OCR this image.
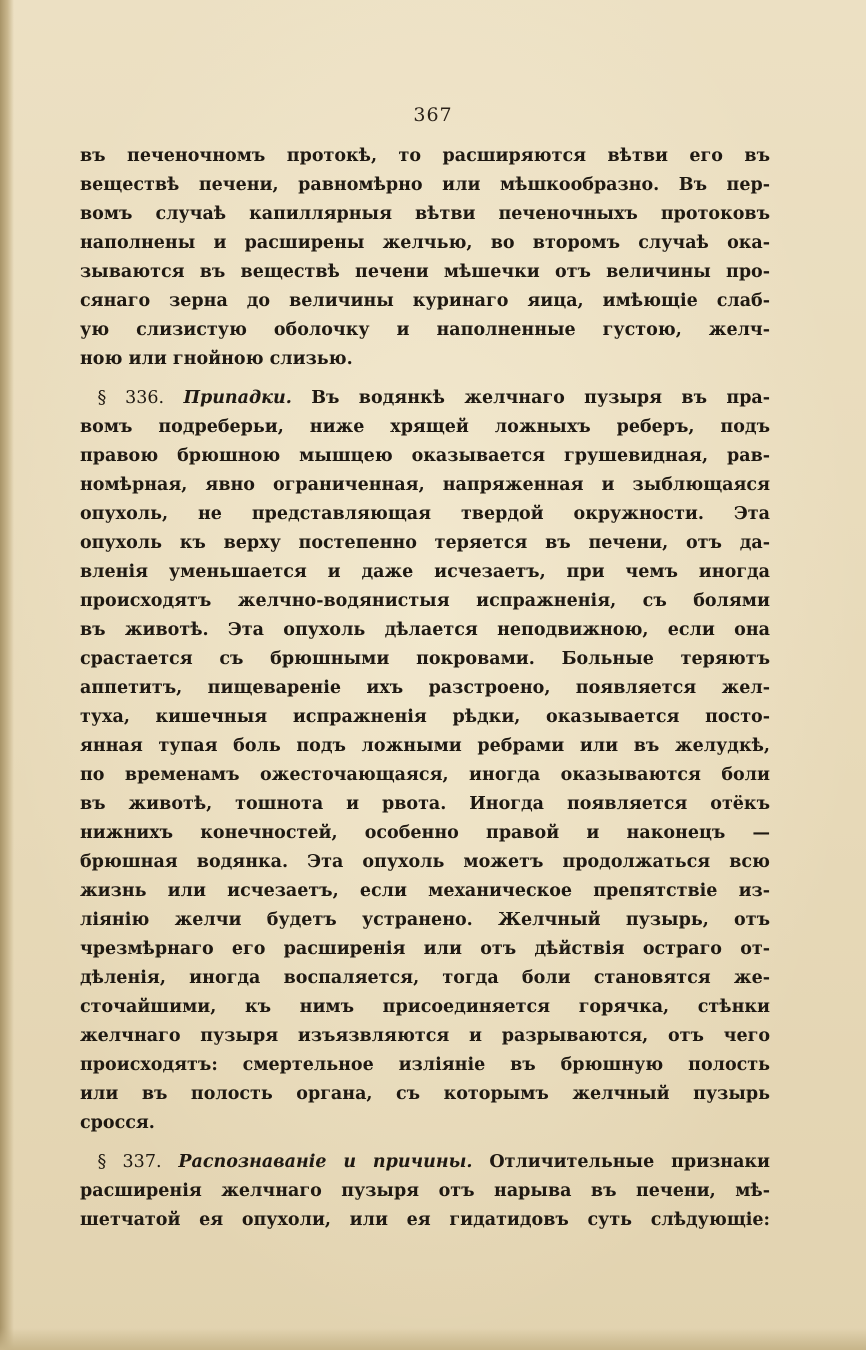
367
въ печеночномъ протокѣ, то расширяются вѣтви его въ
веществѣ печени, равномѣрно или мѣшкообразно. Въ пер-
вомъ случаѣ капиллярныя вѣтви печеночныхъ протоковъ
наполнены и расширены желчью, во второмъ случаѣ ока-
зываются въ веществѣ печени мѣшечки отъ величины про-
сянаго зерна до величины куринаго яица, имѣющіе слаб-
ую слизистую оболочку и наполненные густою, желч-
ною или гнойною слизью.
 § 336. Припадки. Въ водянкѣ желчнаго пузыря въ пра-
вомъ подреберьи, ниже хрящей ложныхъ реберъ, подъ
правою брюшною мышцею оказывается грушевидная, рав-
номѣрная, явно ограниченная, напряженная и зыблющаяся
опухоль, не представляющая твердой окружности. Эта
опухоль къ верху постепенно теряется въ печени, отъ да-
вленія уменьшается и даже исчезаетъ, при чемъ иногда
происходятъ желчно-водянистыя испражненія, съ болями
въ животѣ. Эта опухоль дѣлается неподвижною, если она
срастается съ брюшными покровами. Больные теряютъ
аппетитъ, пищевареніе ихъ разстроено, появляется жел-
туха, кишечныя испражненія рѣдки, оказывается посто-
янная тупая боль подъ ложными ребрами или въ желудкѣ,
по временамъ ожесточающаяся, иногда оказываются боли
въ животѣ, тошнота и рвота. Иногда появляется отёкъ
нижнихъ конечностей, особенно правой и наконецъ —
брюшная водянка. Эта опухоль можетъ продолжаться всю
жизнь или исчезаетъ, если механическое препятствіе из-
ліянію желчи будетъ устранено. Желчный пузырь, отъ
чрезмѣрнаго его расширенія или отъ дѣйствія остраго от-
дѣленія, иногда воспаляется, тогда боли становятся же-
сточайшими, къ нимъ присоединяется горячка, стѣнки
желчнаго пузыря изъязвляются и разрываются, отъ чего
происходятъ: смертельное изліяніе въ брюшную полость
или въ полость органа, съ которымъ желчный пузырь
сросся.
 § 337. Распознаваніе и причины. Отличительные признаки
расширенія желчнаго пузыря отъ нарыва въ печени, мѣ-
шетчатой ея опухоли, или ея гидатидовъ суть слѣдующіе:
